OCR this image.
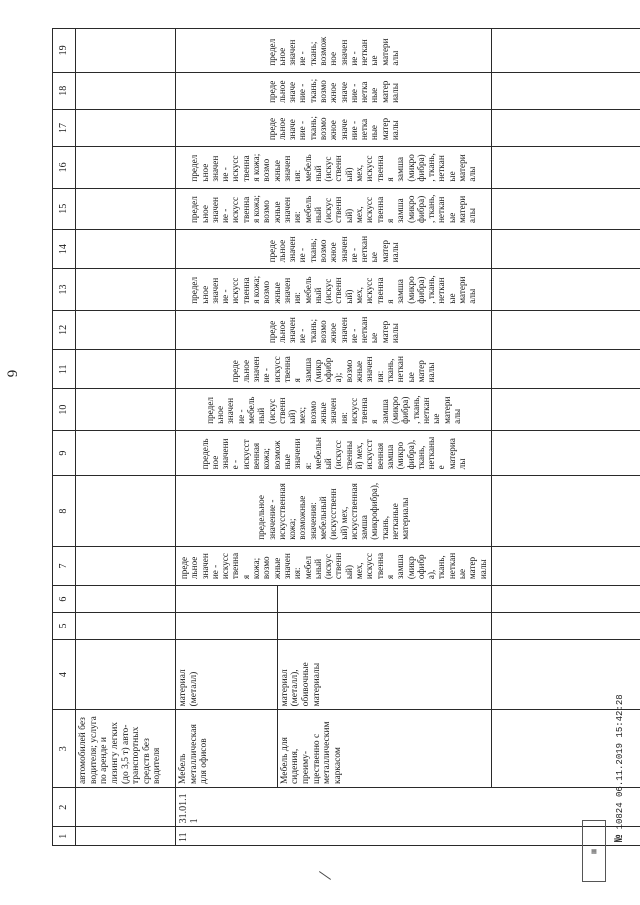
6
1	2	3	4	5	6	7	8	9	10	11	12	13	14	15	16	17	18	19
		автомобилей без водителя; услуга по аренде и лизингу легких (до 3,5 т) авто-транспортных средств без водителя																
11	31.01.11	Мебель металлическая для офисов	материал (металл)			предельное значение - искусственная кожа; возможные значения: мебельный (искусственный) мех, искусственная замша (микрофибра), ткань, нетканые материалы	предельное значение - искусственная кожа; возможные значения: мебельный (искусственный) мех, искусственная замша (микрофибра), ткань, нетканые материалы	предельное значение - искусственная кожа; возможные значения: мебельный (искусственный) мех, искусственная замша (микрофибра), ткань, нетканые материалы	предельное значение - мебельный (искусственный) мех; возможные значения: искусственная замша (микрофибра), ткань, нетканые материалы	предельное значение - искусственная замша (микрофибра); возможные значения: ткань, нетканые материалы	предельное значение - ткань; возможное значение - нетканые материалы	предельное значение - искусственная кожа; возможные значения: мебельный (искусственный) мех, искусственная замша (микрофибра), ткань, нетканые материалы	предельное значение - ткань; возможное значение - нетканые материалы	предельное значение - искусственная кожа; возможные значения: мебельный (искусственный) мех, искусственная замша (микрофибра), ткань, нетканые материалы	предельное значение - искусственная кожа; возможные значения: мебельный (искусственный) мех, искусственная замша (микрофибра), ткань, нетканые материалы	предельное значение - ткань; возможное значение - нетканые материалы	предельное значение - ткань; возможное значение - нетканые материалы	предельное значение - ткань; возможное значение - нетканые материалы
		Мебель для сидения, преиму-щественно с металлическим каркасом	материал (металл), обивочные материалы															

▦
№ 10824 06.11.2019 15:42:28
